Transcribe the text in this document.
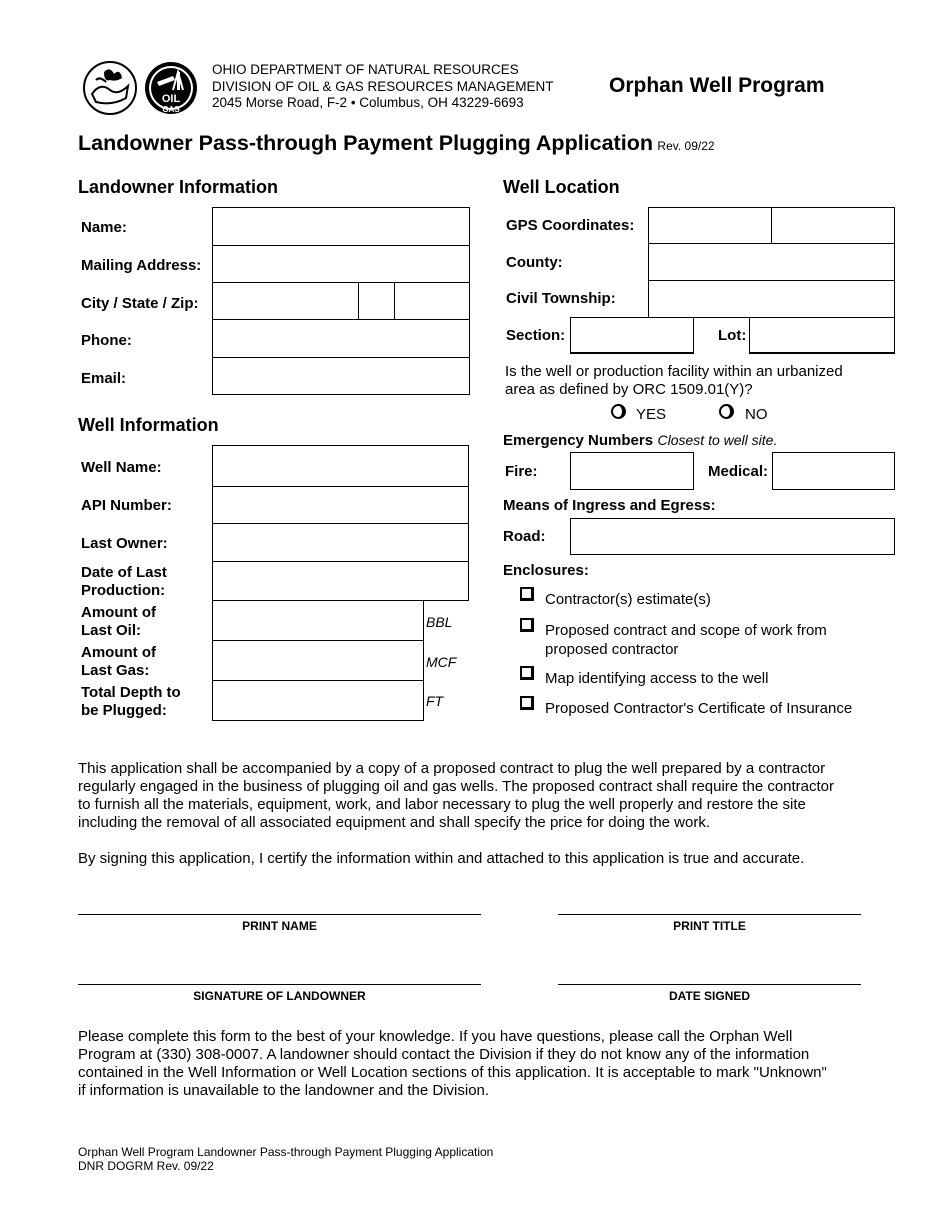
OIL
GAS
OHIO DEPARTMENT OF NATURAL RESOURCES
DIVISION OF OIL & GAS RESOURCES MANAGEMENT
2045 Morse Road, F-2 • Columbus, OH 43229-6693
Orphan Well Program
Landowner Pass-through Payment Plugging Application Rev. 09/22
Landowner Information
Name:
Mailing Address:
City / State / Zip:
Phone:
Email:
Well Information
Well Name:
API Number:
Last Owner:
Date of Last
Production:
Amount of
Last Oil:	BBL
Amount of
Last Gas:	MCF
Total Depth to
be Plugged:
FT
Well Location
GPS Coordinates:
County:
Civil Township:
Section:	Lot:
Is the well or production facility within an urbanized
area as defined by ORC 1509.01(Y)?
YES	NO
Emergency Numbers Closest to well site.
Fire:	Medical:
Means of Ingress and Egress:
Road:
Enclosures:
Contractor(s) estimate(s)
Proposed contract and scope of work from
proposed contractor
Map identifying access to the well
Proposed Contractor's Certificate of Insurance
This application shall be accompanied by a copy of a proposed contract to plug the well prepared by a contractor
regularly engaged in the business of plugging oil and gas wells. The proposed contract shall require the contractor
to furnish all the materials, equipment, work, and labor necessary to plug the well properly and restore the site
including the removal of all associated equipment and shall specify the price for doing the work.
By signing this application, I certify the information within and attached to this application is true and accurate.
PRINT NAME	PRINT TITLE
SIGNATURE OF LANDOWNER	DATE SIGNED
Please complete this form to the best of your knowledge. If you have questions, please call the Orphan Well
Program at (330) 308-0007. A landowner should contact the Division if they do not know any of the information
contained in the Well Information or Well Location sections of this application. It is acceptable to mark "Unknown"
if information is unavailable to the landowner and the Division.
Orphan Well Program Landowner Pass-through Payment Plugging Application
DNR DOGRM Rev. 09/22
